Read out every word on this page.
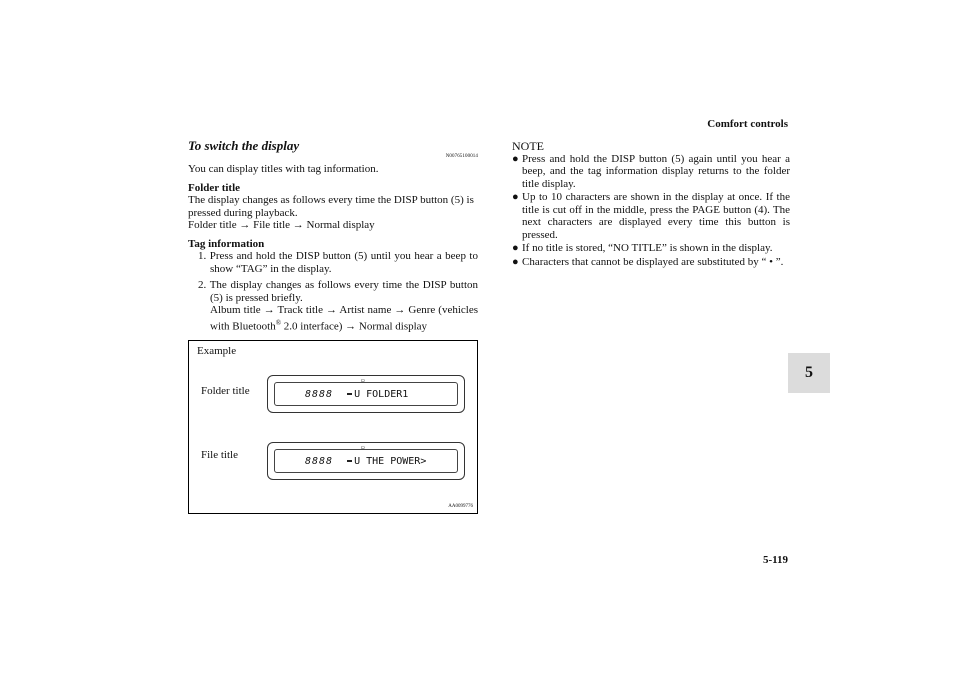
Comfort controls
5
To switch the display
N00765100014

You can display titles with tag information.

Folder title

The display changes as follows every time the DISP button (5) is pressed during playback.

Folder title → File title → Normal display

Tag information
1. Press and hold the DISP button (5) until you hear a beep to show “TAG” in the display.
2. The display changes as follows every time the DISP button (5) is pressed briefly.
Album title → Track title → Artist name → Genre (vehicles with Bluetooth® 2.0 interface) → Normal display
Example
Folder title
File title
▭
8888 U FOLDER1
▭
8888 U THE POWER>
AA0099776
NOTE
● Press and hold the DISP button (5) again until you hear a beep, and the tag information display returns to the folder title display.
● Up to 10 characters are shown in the display at once. If the title is cut off in the middle, press the PAGE button (4). The next characters are displayed every time this button is pressed.
● If no title is stored, “NO TITLE” is shown in the display.
● Characters that cannot be displayed are substituted by “ • ”.
5-119
